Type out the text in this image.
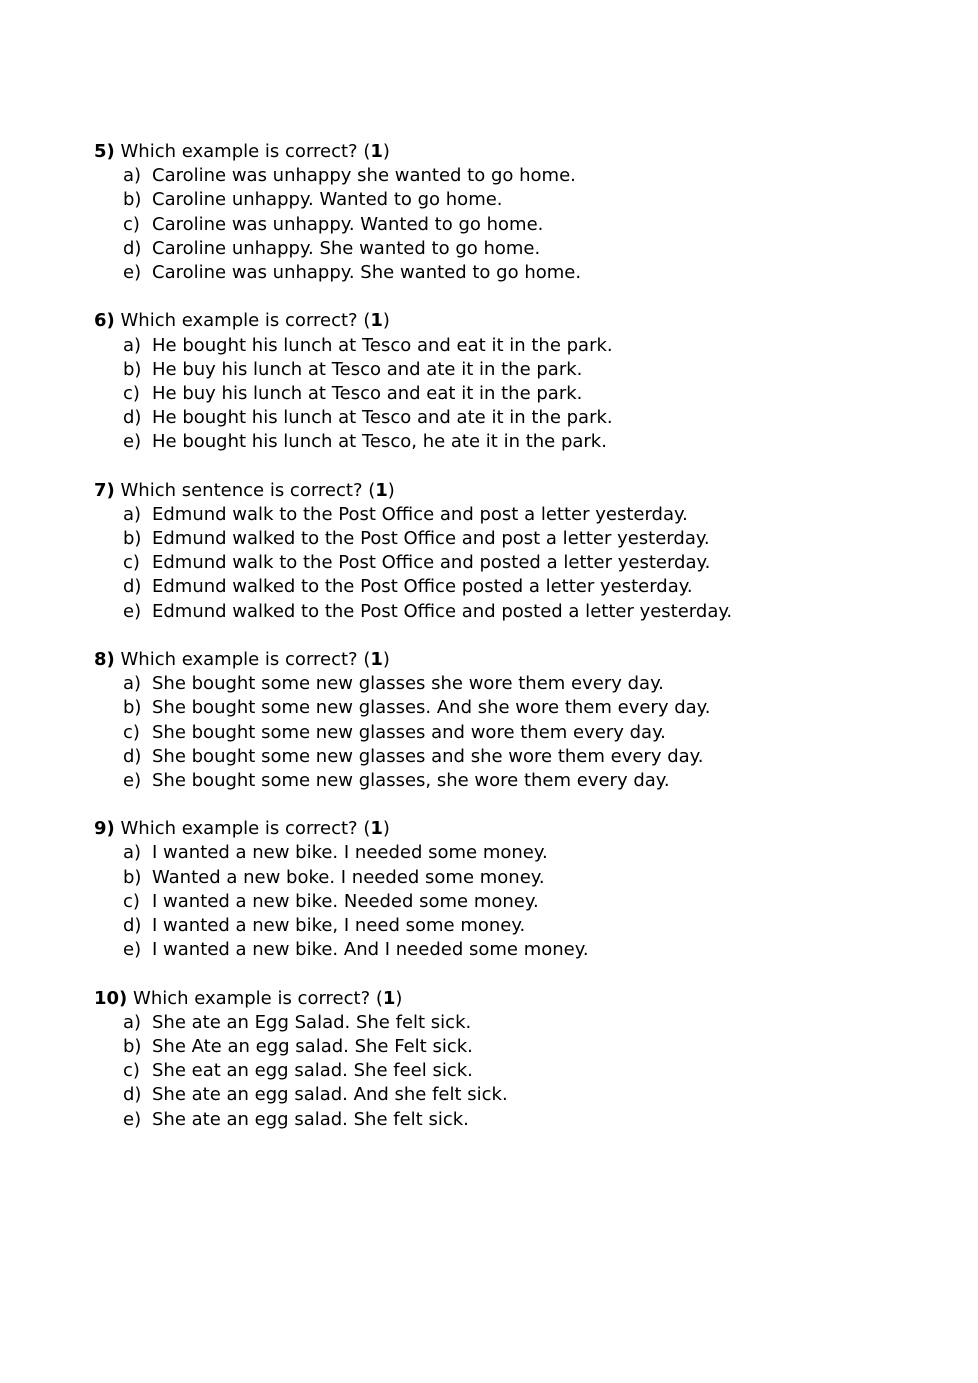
5) Which example is correct? (1)
a) Caroline was unhappy she wanted to go home.
b) Caroline unhappy. Wanted to go home.
c) Caroline was unhappy. Wanted to go home.
d) Caroline unhappy. She wanted to go home.
e) Caroline was unhappy. She wanted to go home.
6) Which example is correct? (1)
a) He bought his lunch at Tesco and eat it in the park.
b) He buy his lunch at Tesco and ate it in the park.
c) He buy his lunch at Tesco and eat it in the park.
d) He bought his lunch at Tesco and ate it in the park.
e) He bought his lunch at Tesco, he ate it in the park.
7) Which sentence is correct? (1)
a) Edmund walk to the Post Office and post a letter yesterday.
b) Edmund walked to the Post Office and post a letter yesterday.
c) Edmund walk to the Post Office and posted a letter yesterday.
d) Edmund walked to the Post Office posted a letter yesterday.
e) Edmund walked to the Post Office and posted a letter yesterday.
8) Which example is correct? (1)
a) She bought some new glasses she wore them every day.
b) She bought some new glasses. And she wore them every day.
c) She bought some new glasses and wore them every day.
d) She bought some new glasses and she wore them every day.
e) She bought some new glasses, she wore them every day.
9) Which example is correct? (1)
a) I wanted a new bike. I needed some money.
b) Wanted a new boke. I needed some money.
c) I wanted a new bike. Needed some money.
d) I wanted a new bike, I need some money.
e) I wanted a new bike. And I needed some money.
10) Which example is correct? (1)
a) She ate an Egg Salad. She felt sick.
b) She Ate an egg salad. She Felt sick.
c) She eat an egg salad. She feel sick.
d) She ate an egg salad. And she felt sick.
e) She ate an egg salad. She felt sick.
